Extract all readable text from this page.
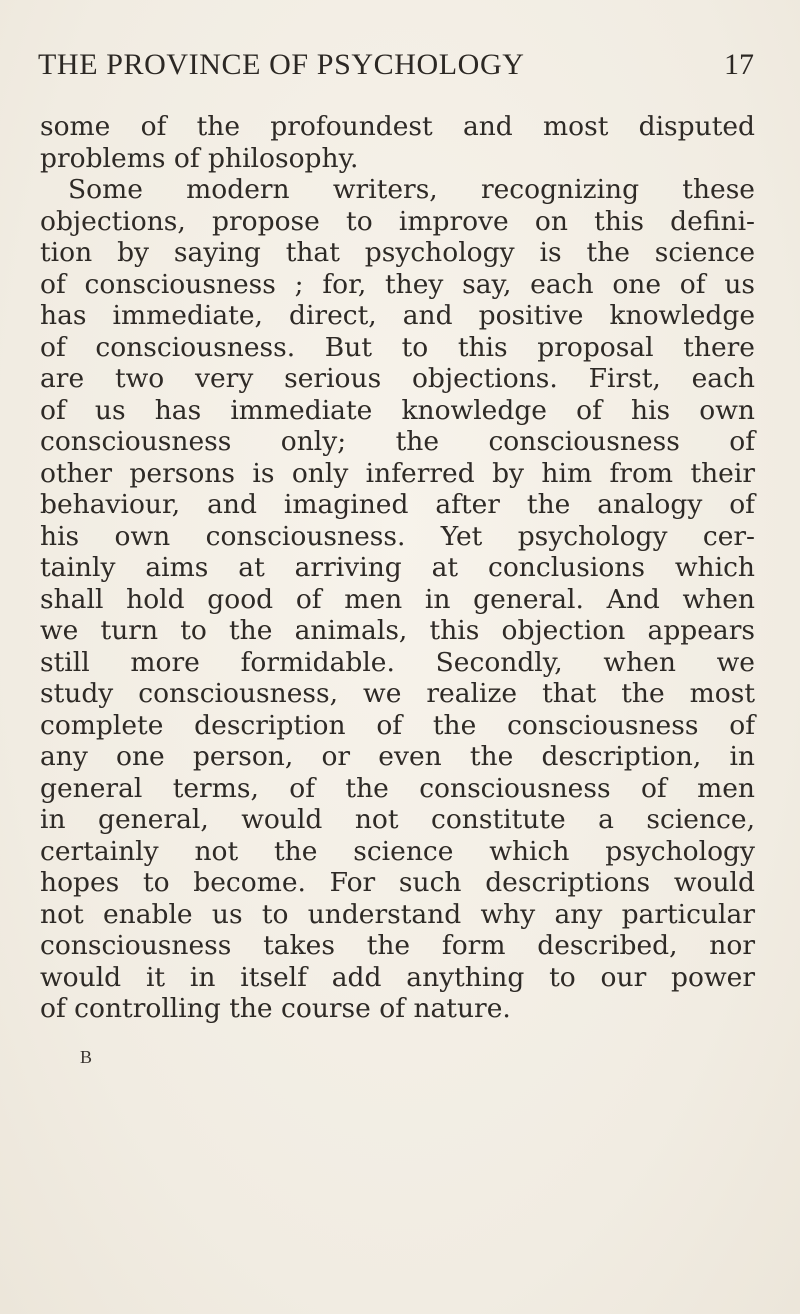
THE PROVINCE OF PSYCHOLOGY	17
some of the profoundest and most disputed
problems of philosophy.
Some modern writers, recognizing these
objections, propose to improve on this defini-
tion by saying that psychology is the science
of consciousness ; for, they say, each one of us
has immediate, direct, and positive knowledge
of consciousness. But to this proposal there
are two very serious objections. First, each
of us has immediate knowledge of his own
consciousness only; the consciousness of
other persons is only inferred by him from their
behaviour, and imagined after the analogy of
his own consciousness. Yet psychology cer-
tainly aims at arriving at conclusions which
shall hold good of men in general. And when
we turn to the animals, this objection appears
still more formidable. Secondly, when we
study consciousness, we realize that the most
complete description of the consciousness of
any one person, or even the description, in
general terms, of the consciousness of men
in general, would not constitute a science,
certainly not the science which psychology
hopes to become. For such descriptions would
not enable us to understand why any particular
consciousness takes the form described, nor
would it in itself add anything to our power
of controlling the course of nature.
B
